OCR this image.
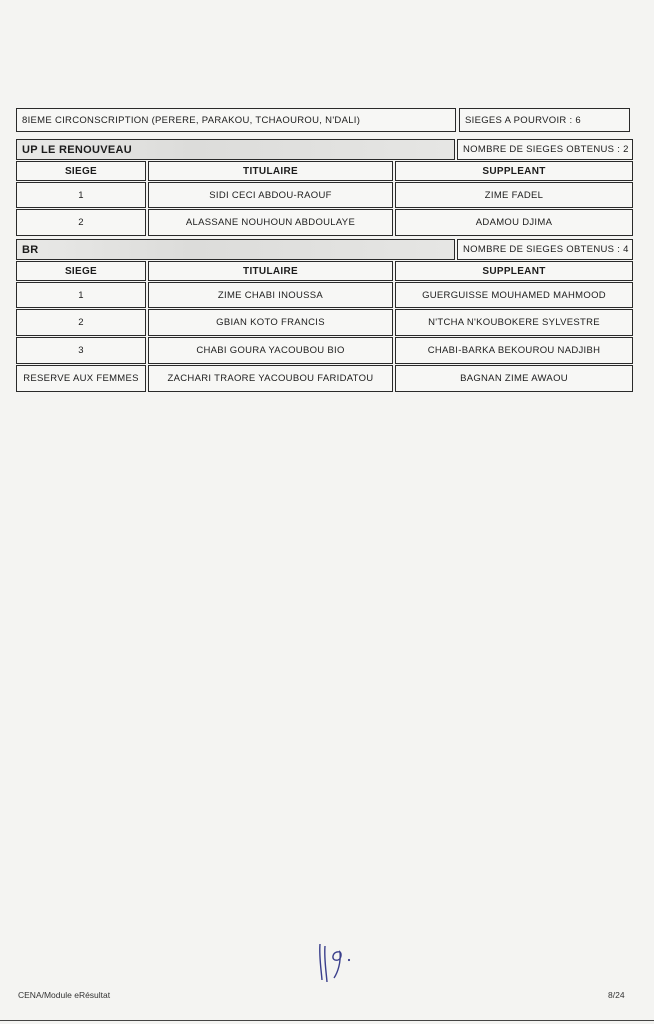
8IEME CIRCONSCRIPTION (PERERE, PARAKOU, TCHAOUROU, N'DALI)	SIEGES A POURVOIR : 6
UP LE RENOUVEAU	NOMBRE DE SIEGES OBTENUS : 2
SIEGE	TITULAIRE	SUPPLEANT
1	SIDI CECI ABDOU-RAOUF	ZIME FADEL
2	ALASSANE NOUHOUN ABDOULAYE	ADAMOU DJIMA
BR	NOMBRE DE SIEGES OBTENUS : 4
SIEGE	TITULAIRE	SUPPLEANT
1	ZIME CHABI INOUSSA	GUERGUISSE MOUHAMED MAHMOOD
2	GBIAN KOTO FRANCIS	N'TCHA N'KOUBOKERE SYLVESTRE
3	CHABI GOURA YACOUBOU BIO	CHABI-BARKA BEKOUROU NADJIBH
RESERVE AUX FEMMES	ZACHARI TRAORE YACOUBOU FARIDATOU	BAGNAN ZIME AWAOU
CENA/Module eRésultat	8/24
